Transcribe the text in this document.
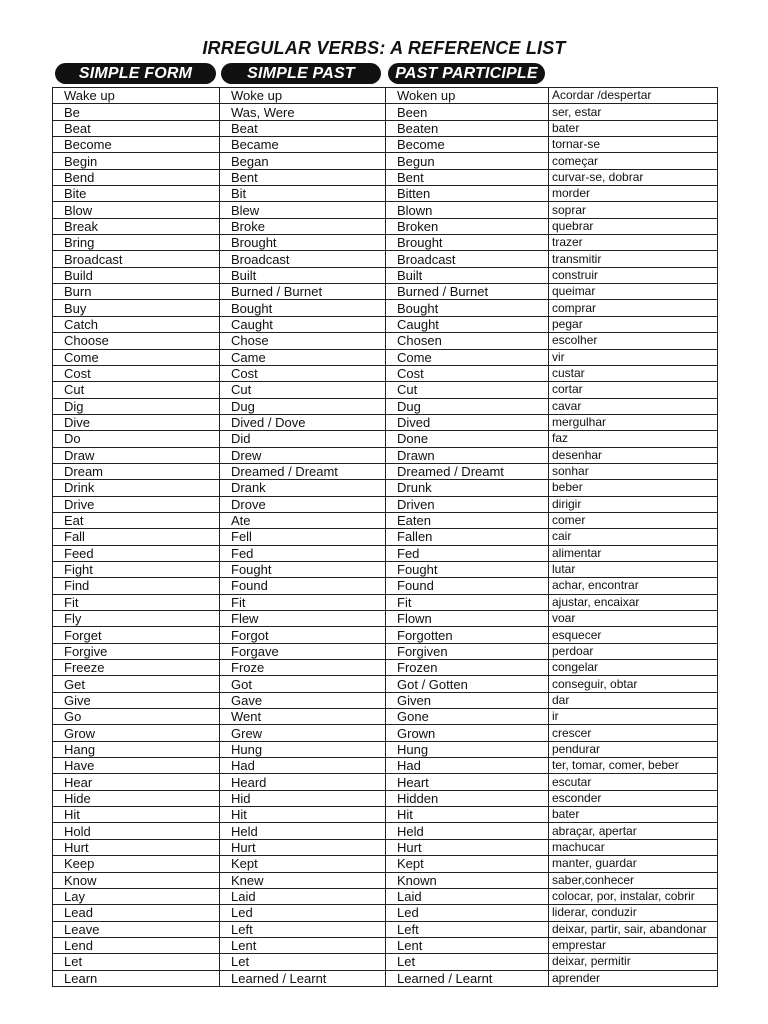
IRREGULAR VERBS: A REFERENCE LIST
SIMPLE FORM	SIMPLE PAST	PAST PARTICIPLE
Wake up	Woke up	Woken up	Acordar /despertar
Be	Was, Were	Been	ser, estar
Beat	Beat	Beaten	bater
Become	Became	Become	tornar-se
Begin	Began	Begun	começar
Bend	Bent	Bent	curvar-se, dobrar
Bite	Bit	Bitten	morder
Blow	Blew	Blown	soprar
Break	Broke	Broken	quebrar
Bring	Brought	Brought	trazer
Broadcast	Broadcast	Broadcast	transmitir
Build	Built	Built	construir
Burn	Burned / Burnet	Burned / Burnet	queimar
Buy	Bought	Bought	comprar
Catch	Caught	Caught	pegar
Choose	Chose	Chosen	escolher
Come	Came	Come	vir
Cost	Cost	Cost	custar
Cut	Cut	Cut	cortar
Dig	Dug	Dug	cavar
Dive	Dived / Dove	Dived	mergulhar
Do	Did	Done	faz
Draw	Drew	Drawn	desenhar
Dream	Dreamed / Dreamt	Dreamed / Dreamt	sonhar
Drink	Drank	Drunk	beber
Drive	Drove	Driven	dirigir
Eat	Ate	Eaten	comer
Fall	Fell	Fallen	cair
Feed	Fed	Fed	alimentar
Fight	Fought	Fought	lutar
Find	Found	Found	achar, encontrar
Fit	Fit	Fit	ajustar, encaixar
Fly	Flew	Flown	voar
Forget	Forgot	Forgotten	esquecer
Forgive	Forgave	Forgiven	perdoar
Freeze	Froze	Frozen	congelar
Get	Got	Got / Gotten	conseguir, obtar
Give	Gave	Given	dar
Go	Went	Gone	ir
Grow	Grew	Grown	crescer
Hang	Hung	Hung	pendurar
Have	Had	Had	ter, tomar, comer, beber
Hear	Heard	Heart	escutar
Hide	Hid	Hidden	esconder
Hit	Hit	Hit	bater
Hold	Held	Held	abraçar, apertar
Hurt	Hurt	Hurt	machucar
Keep	Kept	Kept	manter, guardar
Know	Knew	Known	saber,conhecer
Lay	Laid	Laid	colocar, por, instalar, cobrir
Lead	Led	Led	liderar, conduzir
Leave	Left	Left	deixar, partir, sair, abandonar
Lend	Lent	Lent	emprestar
Let	Let	Let	deixar, permitir
Learn	Learned / Learnt	Learned / Learnt	aprender
